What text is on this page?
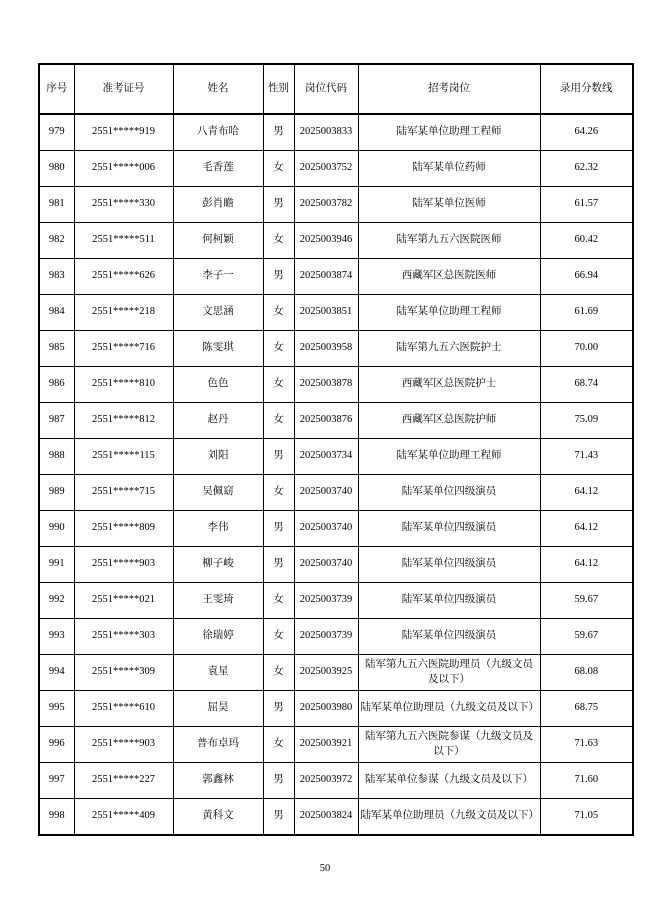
序号	准考证号	姓名	性别	岗位代码	招考岗位	录用分数线
979	2551*****919	八青布哈	男	2025003833	陆军某单位助理工程师	64.26
980	2551*****006	毛香莲	女	2025003752	陆军某单位药师	62.32
981	2551*****330	彭肖瞻	男	2025003782	陆军某单位医师	61.57
982	2551*****511	何柯颖	女	2025003946	陆军第九五六医院医师	60.42
983	2551*****626	李子一	男	2025003874	西藏军区总医院医师	66.94
984	2551*****218	文思涵	女	2025003851	陆军某单位助理工程师	61.69
985	2551*****716	陈雯琪	女	2025003958	陆军第九五六医院护士	70.00
986	2551*****810	色色	女	2025003878	西藏军区总医院护士	68.74
987	2551*****812	赵丹	女	2025003876	西藏军区总医院护师	75.09
988	2551*****115	刘阳	男	2025003734	陆军某单位助理工程师	71.43
989	2551*****715	吴佩窈	女	2025003740	陆军某单位四级演员	64.12
990	2551*****809	李伟	男	2025003740	陆军某单位四级演员	64.12
991	2551*****903	柳子峻	男	2025003740	陆军某单位四级演员	64.12
992	2551*****021	王雯琦	女	2025003739	陆军某单位四级演员	59.67
993	2551*****303	徐瑞婷	女	2025003739	陆军某单位四级演员	59.67
994	2551*****309	袁星	女	2025003925	陆军第九五六医院助理员（九级文员及以下）	68.08
995	2551*****610	屈昊	男	2025003980	陆军某单位助理员（九级文员及以下）	68.75
996	2551*****903	普布卓玛	女	2025003921	陆军第九五六医院参谋（九级文员及以下）	71.63
997	2551*****227	郭鑫林	男	2025003972	陆军某单位参谋（九级文员及以下）	71.60
998	2551*****409	黄科文	男	2025003824	陆军某单位助理员（九级文员及以下）	71.05
50
